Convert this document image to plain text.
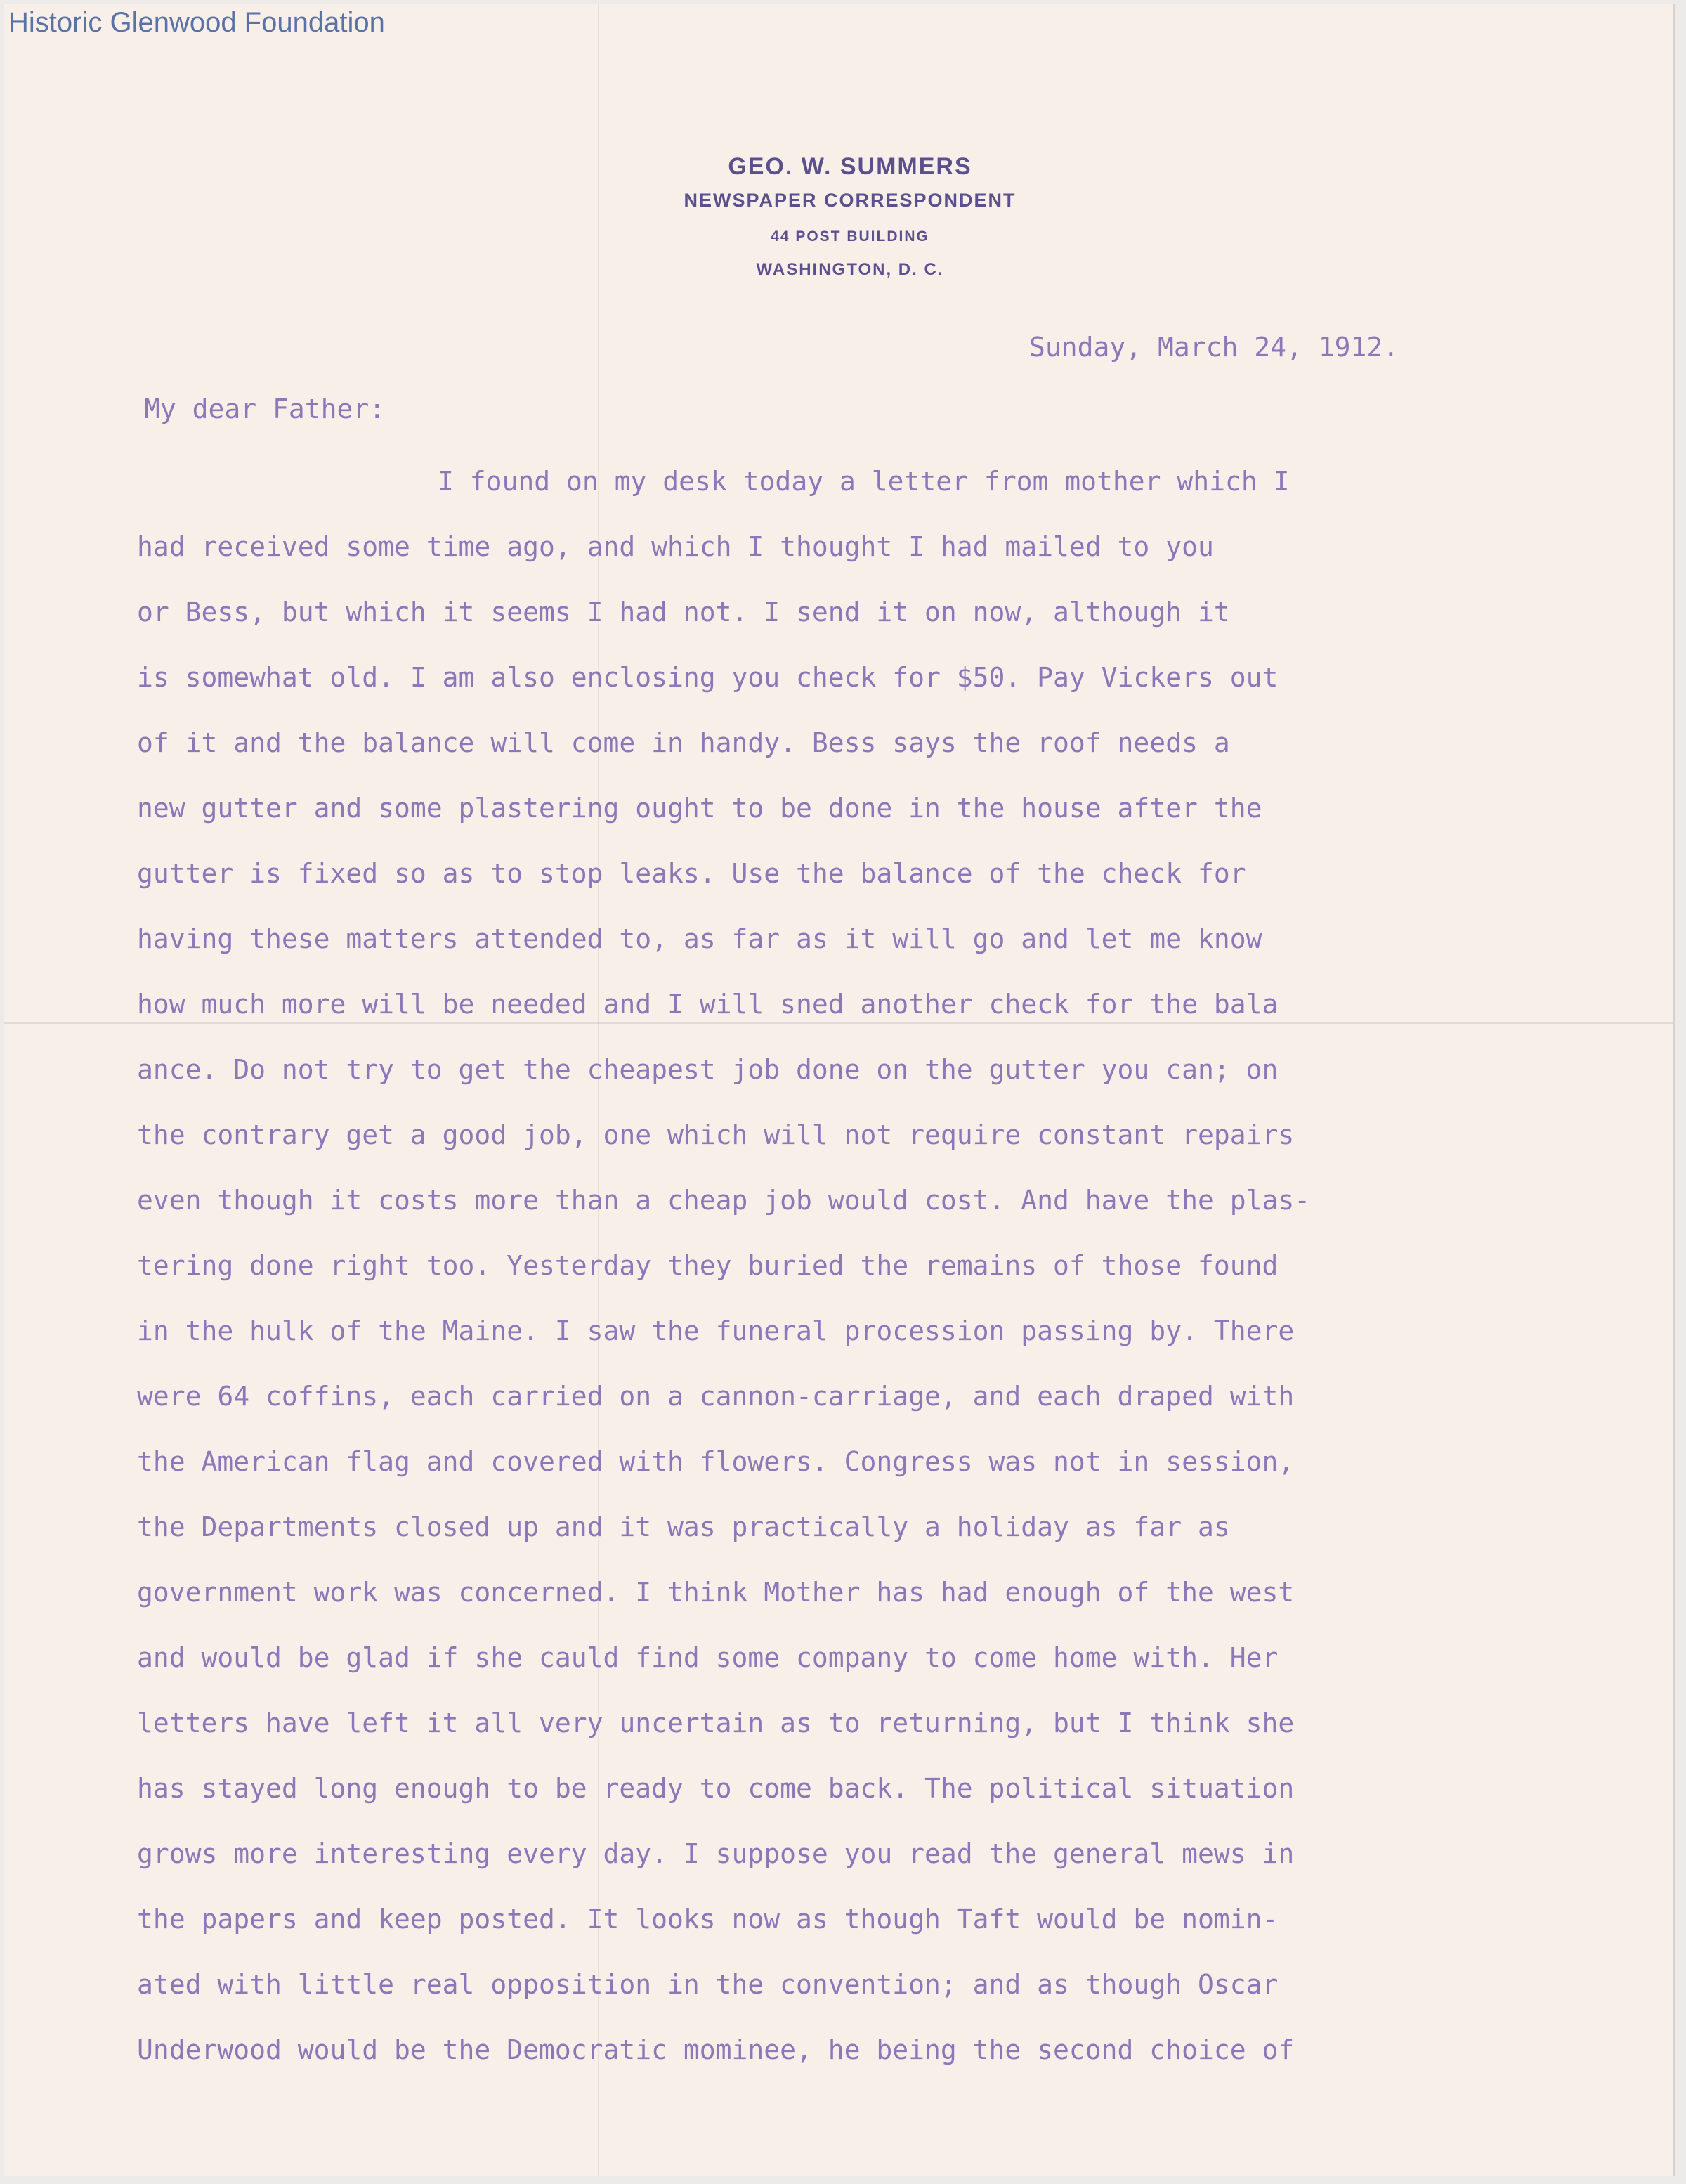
Historic Glenwood Foundation
GEO. W. SUMMERS
NEWSPAPER CORRESPONDENT
44 POST BUILDING
WASHINGTON, D. C.
Sunday, March 24, 1912.
My dear Father:
I found on my desk today a letter from mother which I
had received some time ago, and which I thought I had mailed to you
or Bess, but which it seems I had not. I send it on now, although it
is somewhat old. I am also enclosing you check for $50. Pay Vickers out
of it and the balance will come in handy. Bess says the roof needs a
new gutter and some plastering ought to be done in the house after the
gutter is fixed so as to stop leaks. Use the balance of the check for
having these matters attended to, as far as it will go and let me know
how much more will be needed and I will sned another check for the bala
ance. Do not try to get the cheapest job done on the gutter you can; on
the contrary get a good job, one which will not require constant repairs
even though it costs more than a cheap job would cost. And have the plas-
tering done right too. Yesterday they buried the remains of those found
in the hulk of the Maine. I saw the funeral procession passing by. There
were 64 coffins, each carried on a cannon-carriage, and each draped with
the American flag and covered with flowers. Congress was not in session,
the Departments closed up and it was practically a holiday as far as
government work was concerned. I think Mother has had enough of the west
and would be glad if she cauld find some company to come home with. Her
letters have left it all very uncertain as to returning, but I think she
has stayed long enough to be ready to come back. The political situation
grows more interesting every day. I suppose you read the general mews in
the papers and keep posted. It looks now as though Taft would be nomin-
ated with little real opposition in the convention; and as though Oscar
Underwood would be the Democratic mominee, he being the second choice of
